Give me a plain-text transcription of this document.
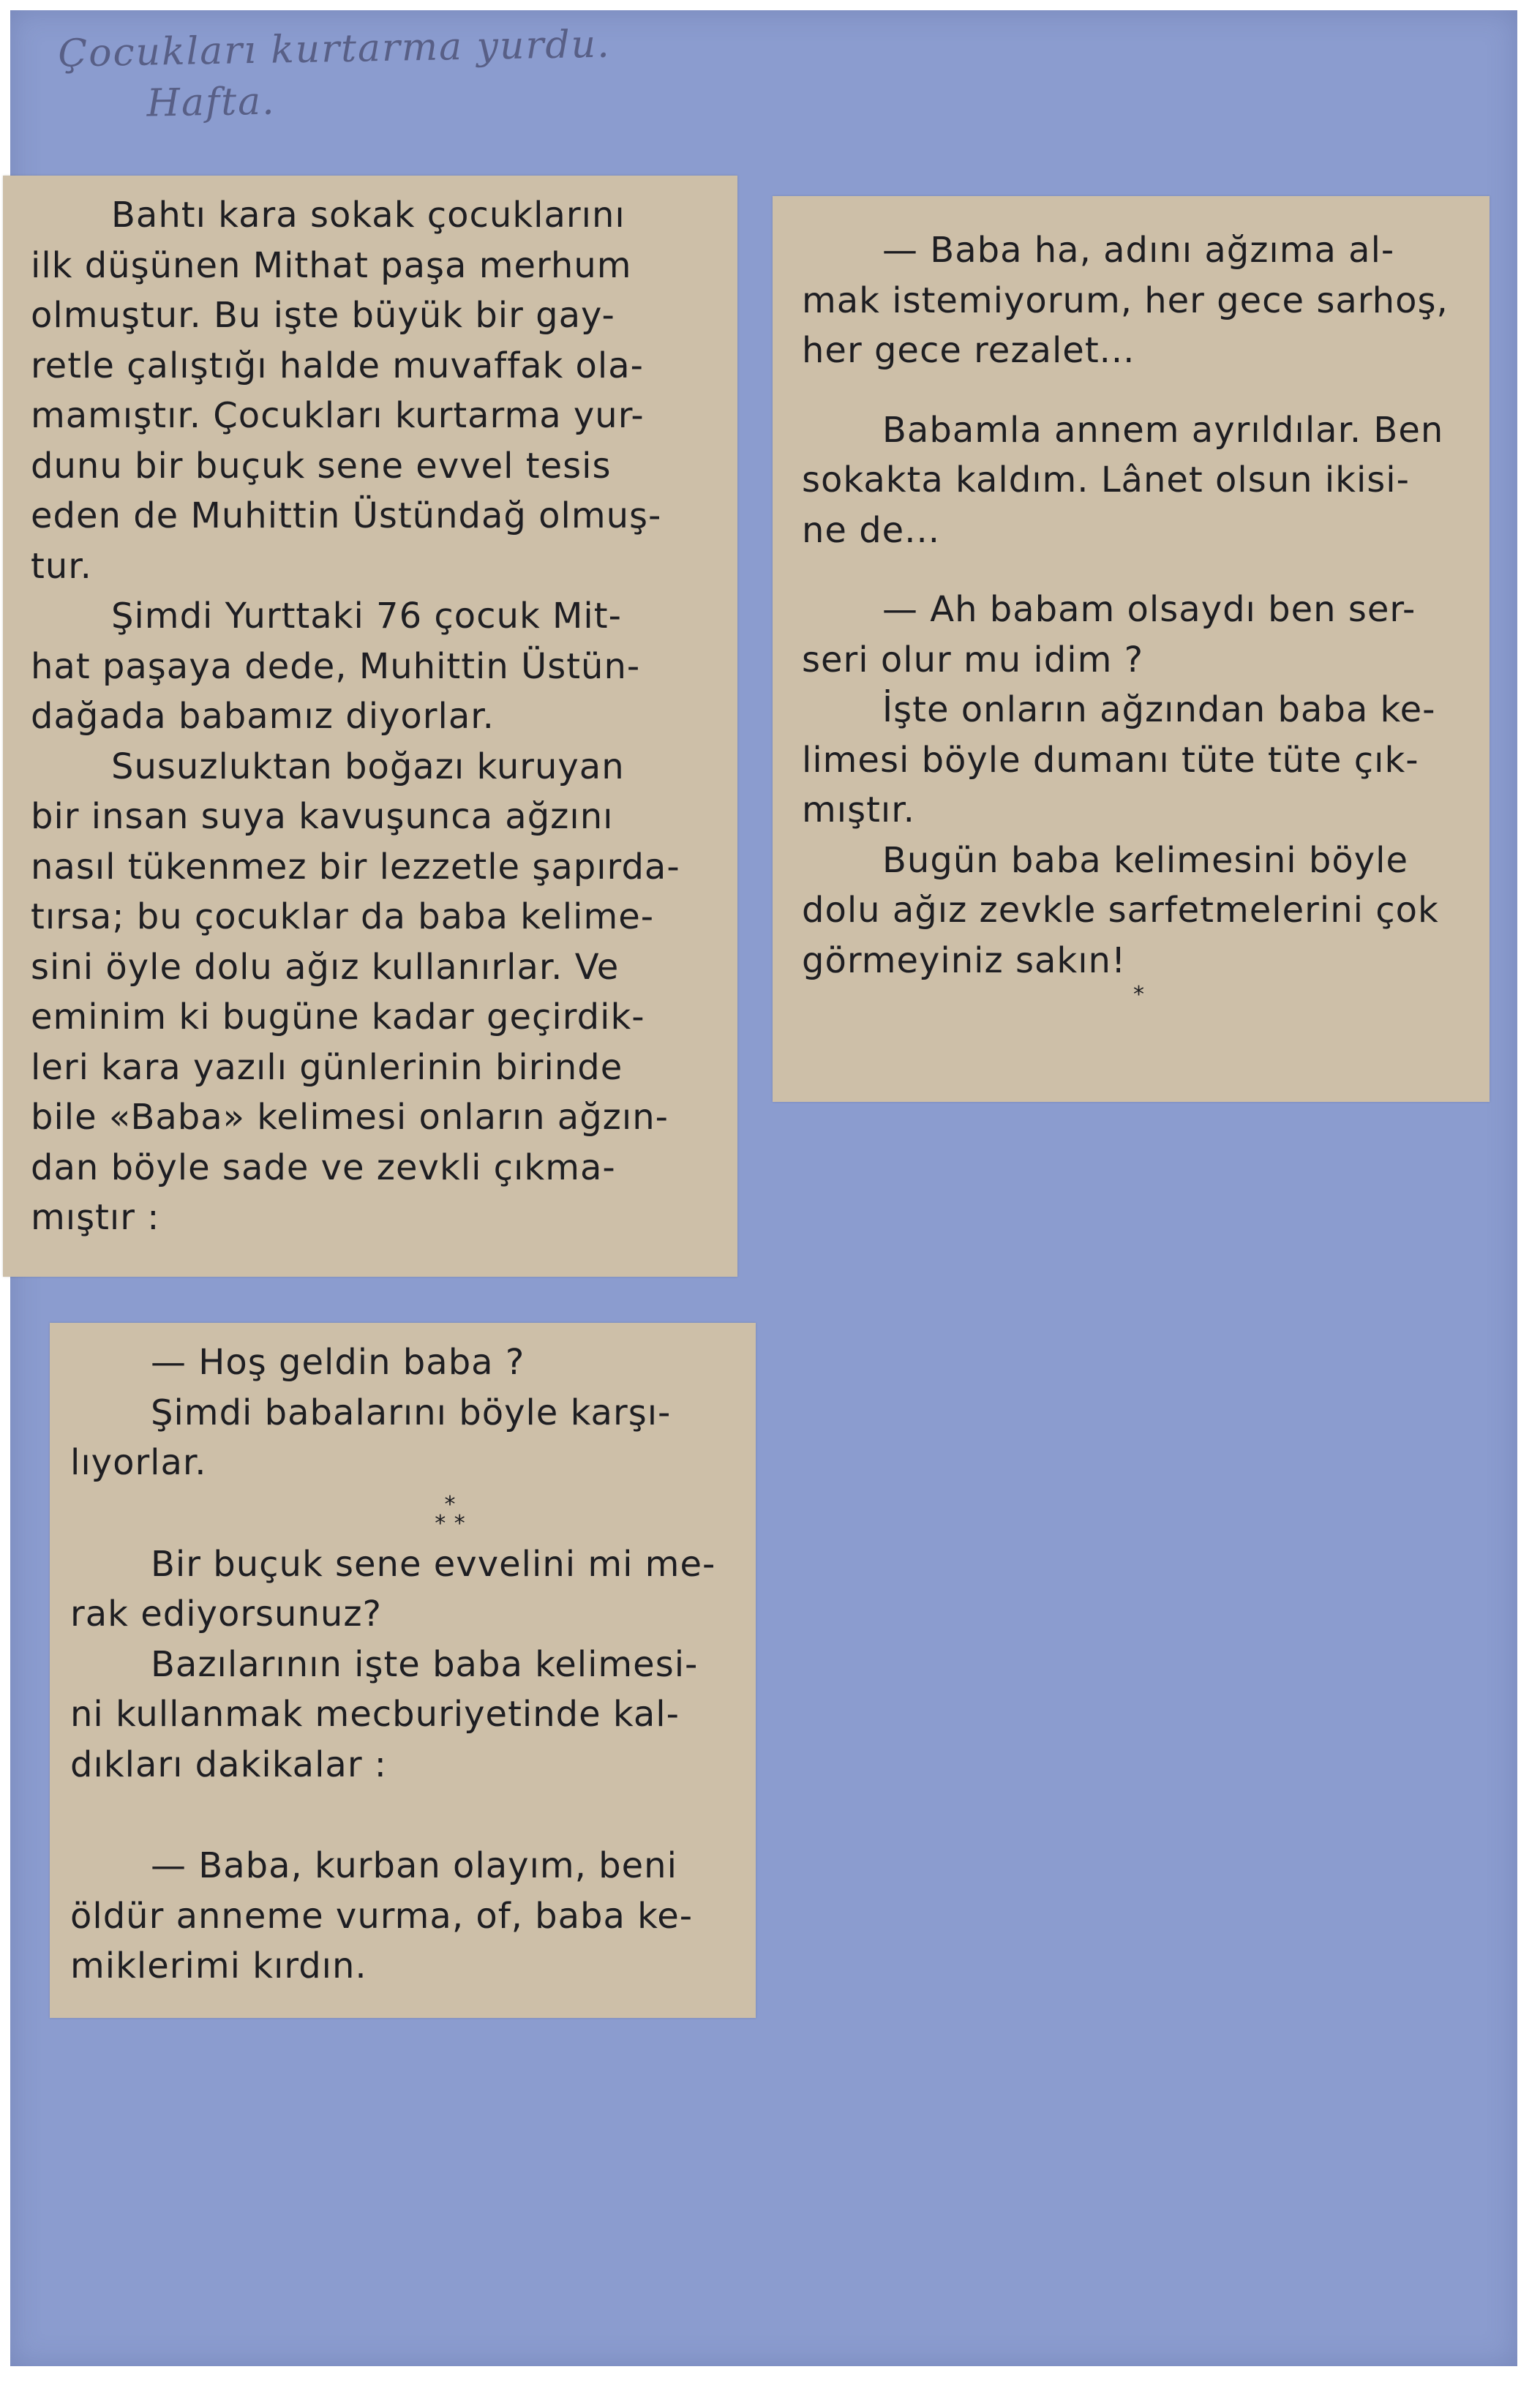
Çocukları kurtarma yurdu.
Hafta.
Bahtı kara sokak çocuklarını
ilk düşünen Mithat paşa merhum
olmuştur. Bu işte büyük bir gay-
retle çalıştığı halde muvaffak ola-
mamıştır. Çocukları kurtarma yur-
dunu bir buçuk sene evvel tesis
eden de Muhittin Üstündağ olmuş-
tur.
Şimdi Yurttaki 76 çocuk Mit-
hat paşaya dede, Muhittin Üstün-
dağada babamız diyorlar.
Susuzluktan boğazı kuruyan
bir insan suya kavuşunca ağzını
nasıl tükenmez bir lezzetle şapırda-
tırsa; bu çocuklar da baba kelime-
sini öyle dolu ağız kullanırlar. Ve
eminim ki bugüne kadar geçirdik-
leri kara yazılı günlerinin birinde
bile «Baba» kelimesi onların ağzın-
dan böyle sade ve zevkli çıkma-
mıştır :
— Baba ha, adını ağzıma al-
mak istemiyorum, her gece sarhoş,
her gece rezalet...
Babamla annem ayrıldılar. Ben
sokakta kaldım. Lânet olsun ikisi-
ne de...
— Ah babam olsaydı ben ser-
seri olur mu idim ?
İşte onların ağzından baba ke-
limesi böyle dumanı tüte tüte çık-
mıştır.
Bugün baba kelimesini böyle
dolu ağız zevkle sarfetmelerini çok
görmeyiniz sakın!
*
— Hoş geldin baba ?
Şimdi babalarını böyle karşı-
lıyorlar.
*
* *
Bir buçuk sene evvelini mi me-
rak ediyorsunuz?
Bazılarının işte baba kelimesi-
ni kullanmak mecburiyetinde kal-
dıkları dakikalar :
— Baba, kurban olayım, beni
öldür anneme vurma, of, baba ke-
miklerimi kırdın.
